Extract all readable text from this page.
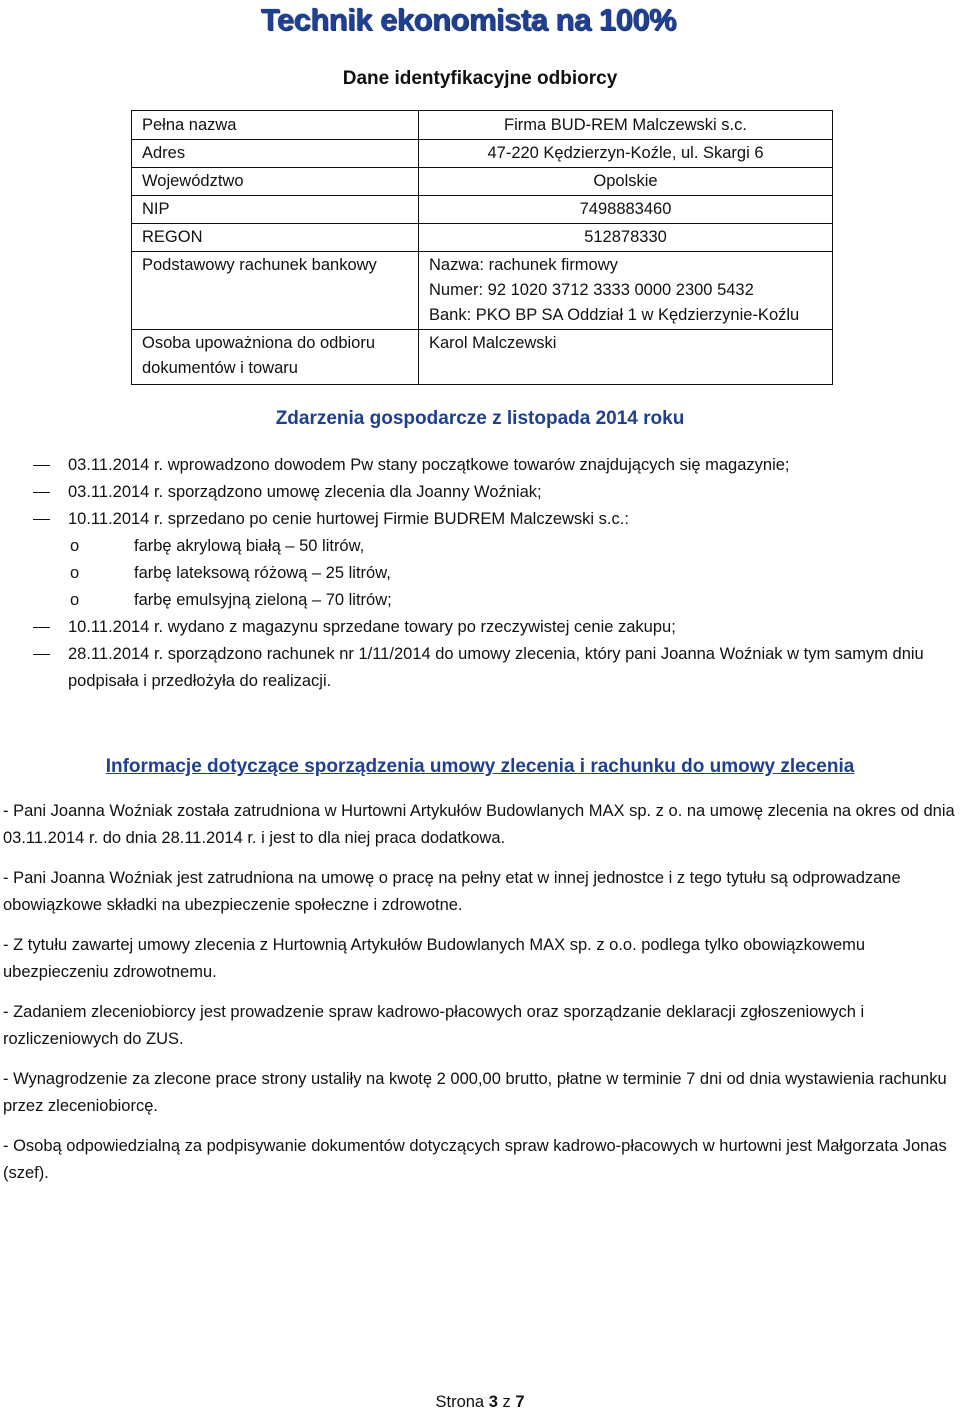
Technik ekonomista na 100%
Dane identyfikacyjne odbiorcy
Pełna nazwa	Firma BUD-REM Malczewski s.c.
Adres	47-220 Kędzierzyn-Koźle, ul. Skargi 6
Województwo	Opolskie
NIP	7498883460
REGON	512878330
Podstawowy rachunek bankowy	Nazwa: rachunek firmowy
Numer: 92 1020 3712 3333 0000 2300 5432
Bank: PKO BP SA Oddział 1 w Kędzierzynie-Koźlu

Osoba upoważniona do odbioru dokumentów i towaru	Karol Malczewski
Zdarzenia gospodarcze z listopada 2014 roku
03.11.2014 r. wprowadzono dowodem Pw stany początkowe towarów znajdujących się magazynie;
03.11.2014 r. sporządzono umowę zlecenia dla Joanny Woźniak;
10.11.2014 r. sprzedano po cenie hurtowej Firmie BUDREM Malczewski s.c.:
o	farbę akrylową białą – 50 litrów,
o	farbę lateksową różową – 25 litrów,
o	farbę emulsyjną zieloną – 70 litrów;
10.11.2014 r. wydano z magazynu sprzedane towary po rzeczywistej cenie zakupu;
28.11.2014 r. sporządzono rachunek nr 1/11/2014 do umowy zlecenia, który pani Joanna Woźniak w tym samym dniu podpisała i przedłożyła do realizacji.
Informacje dotyczące sporządzenia umowy zlecenia i rachunku do umowy zlecenia

- Pani Joanna Woźniak została zatrudniona w Hurtowni Artykułów Budowlanych MAX sp. z o. na umowę zlecenia na okres od dnia 03.11.2014 r. do dnia 28.11.2014 r. i jest to dla niej praca dodatkowa.

- Pani Joanna Woźniak jest zatrudniona na umowę o pracę na pełny etat w innej jednostce i z tego tytułu są odprowadzane obowiązkowe składki na ubezpieczenie społeczne i zdrowotne.

- Z tytułu zawartej umowy zlecenia z Hurtownią Artykułów Budowlanych MAX sp. z o.o. podlega tylko obowiązkowemu ubezpieczeniu zdrowotnemu.

- Zadaniem zleceniobiorcy jest prowadzenie spraw kadrowo-płacowych oraz sporządzanie deklaracji zgłoszeniowych i rozliczeniowych do ZUS.

- Wynagrodzenie za zlecone prace strony ustaliły na kwotę 2 000,00 brutto, płatne w terminie 7 dni od dnia wystawienia rachunku przez zleceniobiorcę.

- Osobą odpowiedzialną za podpisywanie dokumentów dotyczących spraw kadrowo-płacowych w hurtowni jest Małgorzata Jonas (szef).

Strona 3 z 7
